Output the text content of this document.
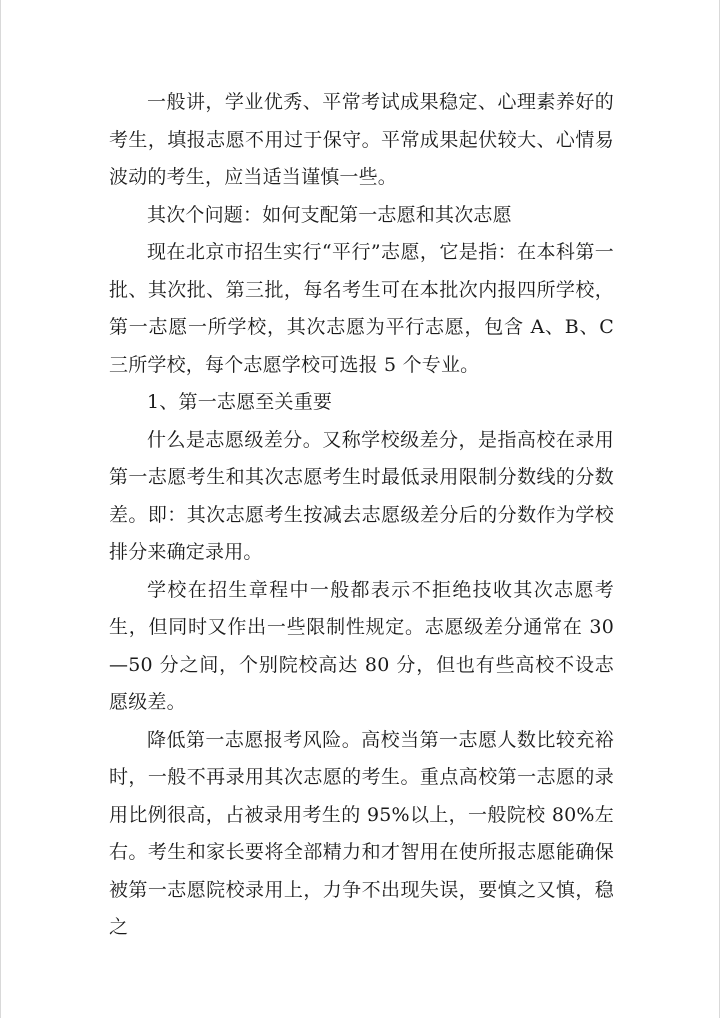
一般讲，学业优秀、平常考试成果稳定、心理素养好的考生，填报志愿不用过于保守。平常成果起伏较大、心情易波动的考生，应当适当谨慎一些。

其次个问题：如何支配第一志愿和其次志愿

现在北京市招生实行“平行”志愿，它是指：在本科第一批、其次批、第三批，每名考生可在本批次内报四所学校，第一志愿一所学校，其次志愿为平行志愿，包含 A、B、C 三所学校，每个志愿学校可选报 5 个专业。

1、第一志愿至关重要

什么是志愿级差分。又称学校级差分，是指高校在录用第一志愿考生和其次志愿考生时最低录用限制分数线的分数差。即：其次志愿考生按减去志愿级差分后的分数作为学校排分来确定录用。

学校在招生章程中一般都表示不拒绝技收其次志愿考生，但同时又作出一些限制性规定。志愿级差分通常在 30—50 分之间，个别院校高达 80 分，但也有些高校不设志愿级差。

降低第一志愿报考风险。高校当第一志愿人数比较充裕时，一般不再录用其次志愿的考生。重点高校第一志愿的录用比例很高，占被录用考生的 95%以上，一般院校 80%左右。考生和家长要将全部精力和才智用在使所报志愿能确保被第一志愿院校录用上，力争不出现失误，要慎之又慎，稳之
